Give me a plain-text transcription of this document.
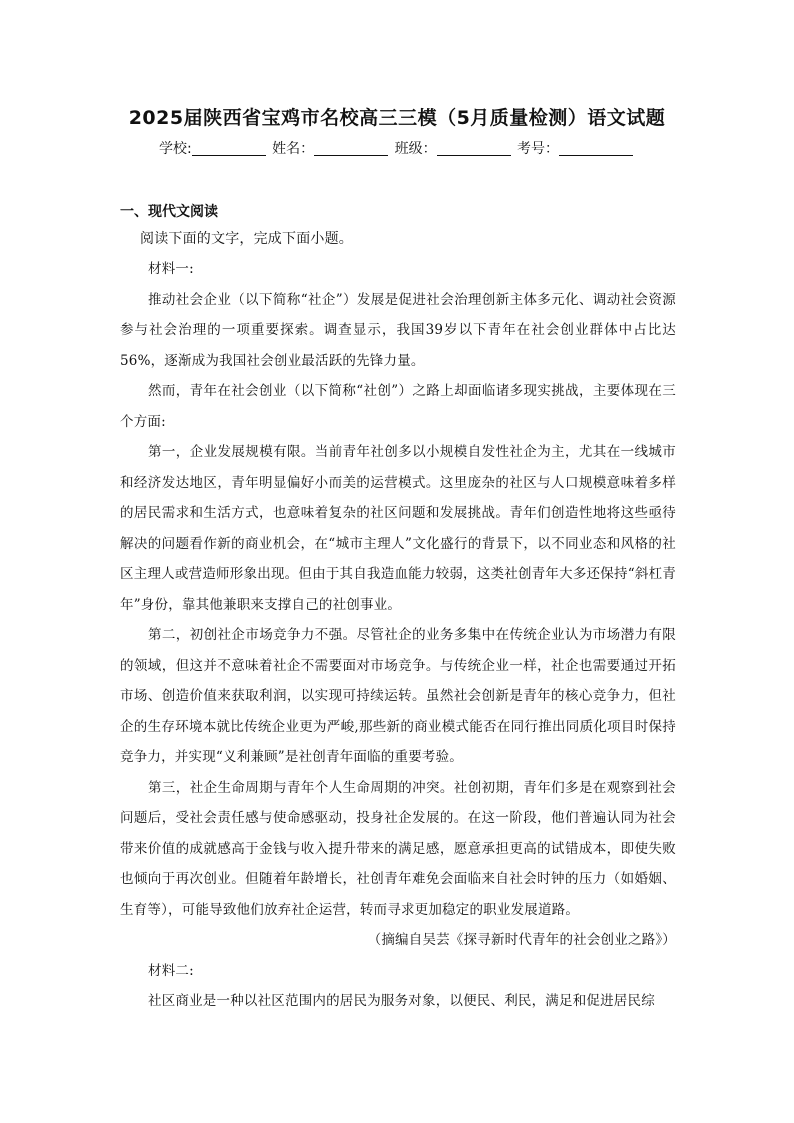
2025届陕西省宝鸡市名校高三三模（5月质量检测）语文试题
学校:	姓名：	班级：	考号：

一、现代文阅读

阅读下面的文字，完成下面小题。

材料一:

推动社会企业（以下简称“社企”）发展是促进社会治理创新主体多元化、调动社会资源参与社会治理的一项重要探索。调查显示，我国39岁以下青年在社会创业群体中占比达56%，逐渐成为我国社会创业最活跃的先锋力量。

然而，青年在社会创业（以下简称“社创”）之路上却面临诸多现实挑战，主要体现在三个方面:

第一，企业发展规模有限。当前青年社创多以小规模自发性社企为主，尤其在一线城市和经济发达地区，青年明显偏好小而美的运营模式。这里庞杂的社区与人口规模意味着多样的居民需求和生活方式，也意味着复杂的社区问题和发展挑战。青年们创造性地将这些亟待解决的问题看作新的商业机会，在“城市主理人”文化盛行的背景下，以不同业态和风格的社区主理人或营造师形象出现。但由于其自我造血能力较弱，这类社创青年大多还保持“斜杠青年”身份，靠其他兼职来支撑自己的社创事业。

第二，初创社企市场竞争力不强。尽管社企的业务多集中在传统企业认为市场潜力有限的领域，但这并不意味着社企不需要面对市场竞争。与传统企业一样，社企也需要通过开拓市场、创造价值来获取利润，以实现可持续运转。虽然社会创新是青年的核心竞争力，但社企的生存环境本就比传统企业更为严峻,那些新的商业模式能否在同行推出同质化项目时保持竞争力，并实现“义利兼顾”是社创青年面临的重要考验。

第三，社企生命周期与青年个人生命周期的冲突。社创初期，青年们多是在观察到社会问题后，受社会责任感与使命感驱动，投身社企发展的。在这一阶段，他们普遍认同为社会带来价值的成就感高于金钱与收入提升带来的满足感，愿意承担更高的试错成本，即使失败也倾向于再次创业。但随着年龄增长，社创青年难免会面临来自社会时钟的压力（如婚姻、生育等），可能导致他们放弃社企运营，转而寻求更加稳定的职业发展道路。

（摘编自吴芸《探寻新时代青年的社会创业之路》）

材料二:

社区商业是一种以社区范围内的居民为服务对象，以便民、利民，满足和促进居民综
